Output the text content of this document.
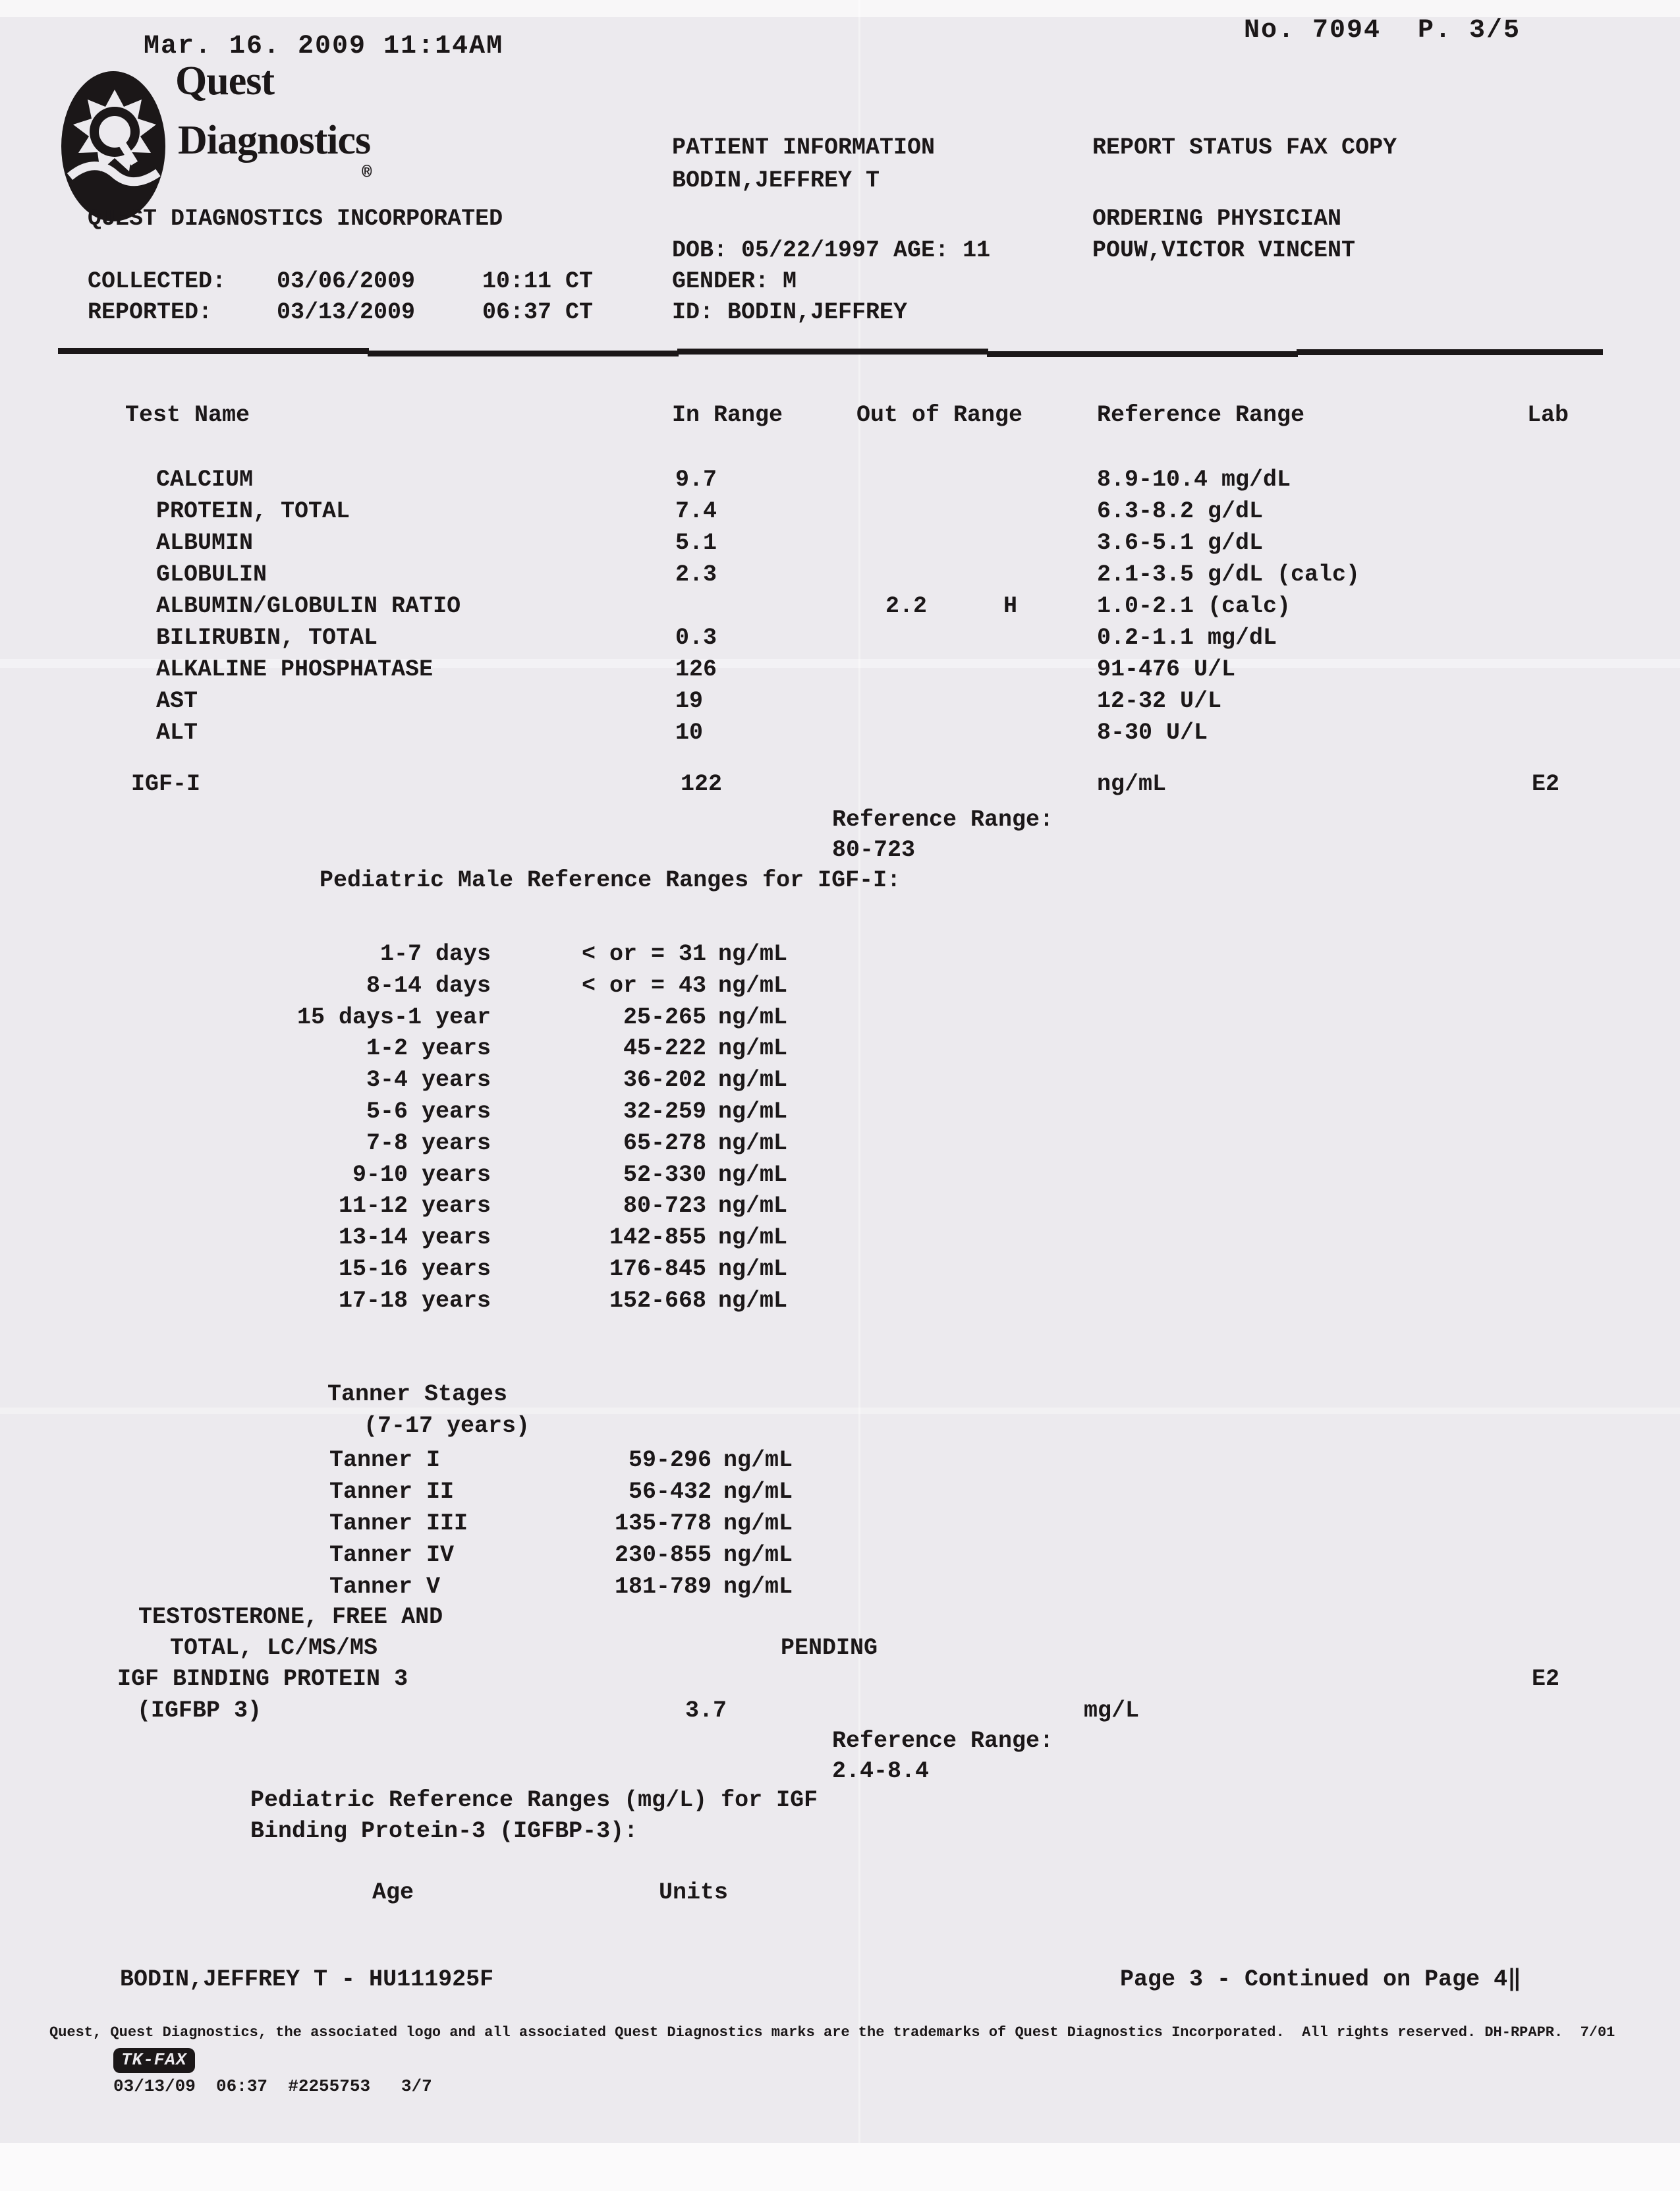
Mar. 16. 2009 11:14AM
No. 7094 P. 3/5
Quest
Diagnostics
®
PATIENT INFORMATION
BODIN,JEFFREY T
REPORT STATUS FAX COPY
QUEST DIAGNOSTICS INCORPORATED	ORDERING PHYSICIAN
DOB: 05/22/1997 AGE: 11	POUW,VICTOR VINCENT
COLLECTED: 03/06/2009	10:11 CT	GENDER: M
REPORTED:	03/13/2009	06:37 CT	ID: BODIN,JEFFREY
Test Name	In Range	Out of Range	Reference Range	Lab
CALCIUM	9.7	8.9-10.4 mg/dL
PROTEIN, TOTAL	7.4	6.3-8.2 g/dL
ALBUMIN	5.1	3.6-5.1 g/dL
GLOBULIN	2.3	2.1-3.5 g/dL (calc)
ALBUMIN/GLOBULIN RATIO	2.2	H	1.0-2.1 (calc)
BILIRUBIN, TOTAL	0.3	0.2-1.1 mg/dL
ALKALINE PHOSPHATASE	126	91-476 U/L
AST	19	12-32 U/L
ALT	10	8-30 U/L
IGF-I	122	ng/mL	E2
Reference Range:
80-723
Pediatric Male Reference Ranges for IGF-I:
1-7 days	< or = 31 ng/mL
8-14 days	< or = 43 ng/mL
15 days-1 year	25-265 ng/mL
1-2 years	45-222 ng/mL
3-4 years	36-202 ng/mL
5-6 years	32-259 ng/mL
7-8 years	65-278 ng/mL
9-10 years	52-330 ng/mL
11-12 years	80-723 ng/mL
13-14 years	142-855 ng/mL
15-16 years	176-845 ng/mL
17-18 years	152-668 ng/mL
Tanner Stages
(7-17 years)
Tanner I	59-296 ng/mL
Tanner II	56-432 ng/mL
Tanner III	135-778 ng/mL
Tanner IV	230-855 ng/mL
Tanner V	181-789 ng/mL
TESTOSTERONE, FREE AND
TOTAL, LC/MS/MS	PENDING
IGF BINDING PROTEIN 3	E2
(IGFBP 3)	3.7	mg/L
Reference Range:
2.4-8.4
Pediatric Reference Ranges (mg/L) for IGF
Binding Protein-3 (IGFBP-3):
Age	Units
BODIN,JEFFREY T - HU111925F	Page 3 - Continued on Page 4‖
Quest, Quest Diagnostics, the associated logo and all associated Quest Diagnostics marks are the trademarks of Quest Diagnostics Incorporated.  All rights reserved. DH-RPAPR.  7/01
TK-FAX
03/13/09  06:37  #2255753   3/7
